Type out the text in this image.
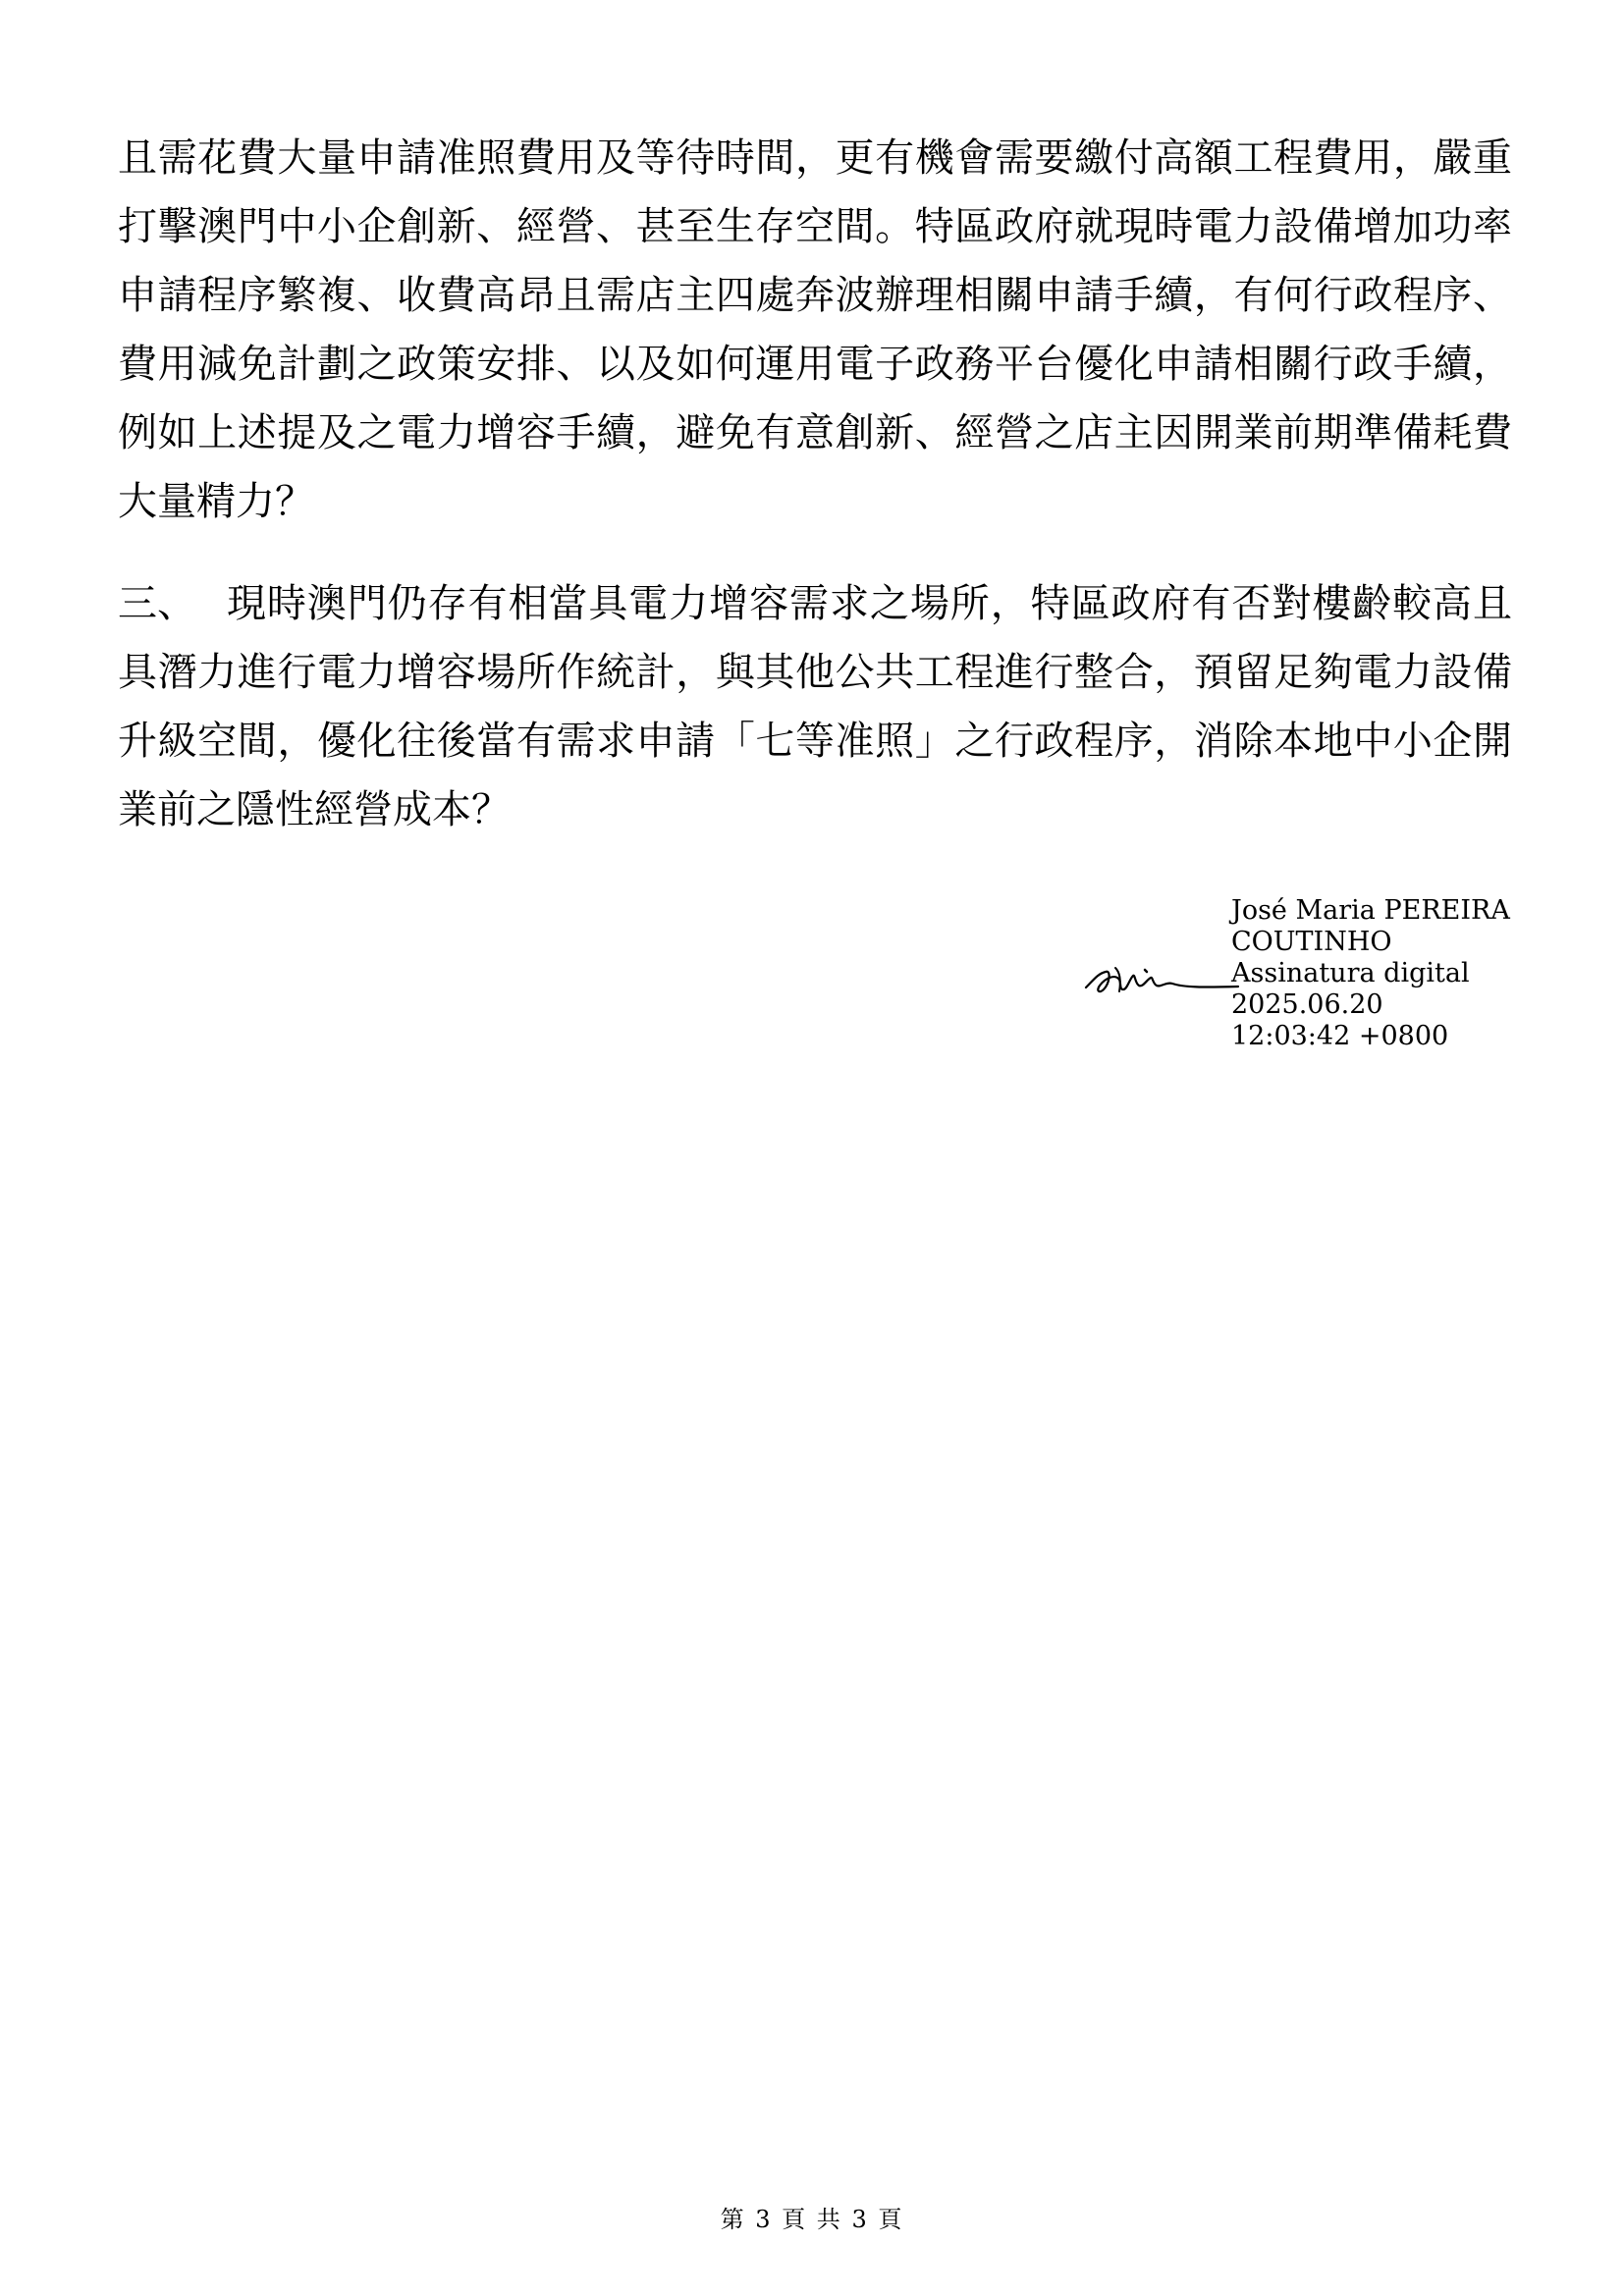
且需花費大量申請准照費用及等待時間，更有機會需要繳付高額工程費用，嚴重打擊澳門中小企創新、經營、甚至生存空間。特區政府就現時電力設備增加功率申請程序繁複、收費高昂且需店主四處奔波辦理相關申請手續，有何行政程序、費用減免計劃之政策安排、以及如何運用電子政務平台優化申請相關行政手續，例如上述提及之電力增容手續，避免有意創新、經營之店主因開業前期準備耗費大量精力？

三、 現時澳門仍存有相當具電力增容需求之場所，特區政府有否對樓齡較高且具潛力進行電力增容場所作統計，與其他公共工程進行整合，預留足夠電力設備升級空間，優化往後當有需求申請「七等准照」之行政程序，消除本地中小企開業前之隱性經營成本？

José Maria PEREIRA
COUTINHO
Assinatura digital
2025.06.20
12:03:42 +0800
第 3 頁 共 3 頁
